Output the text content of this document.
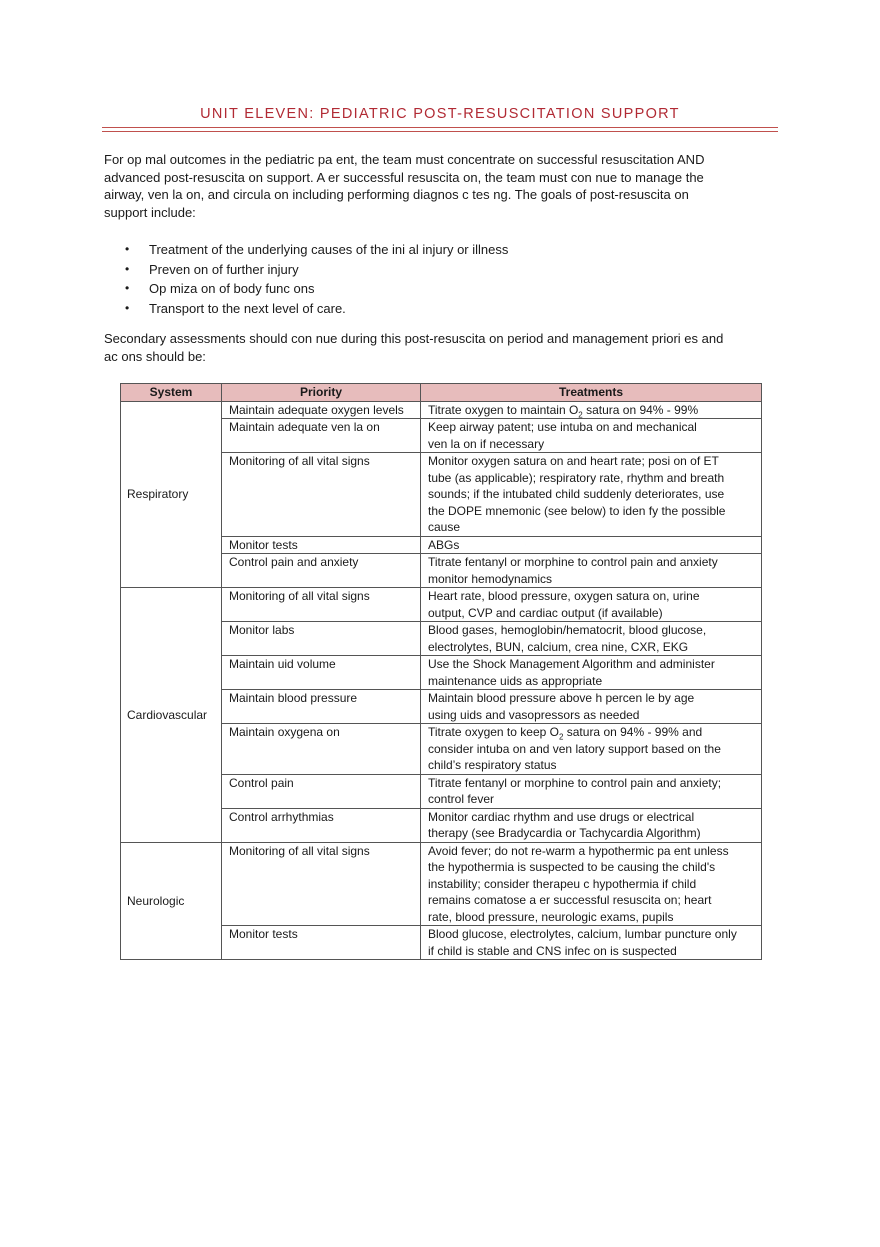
UNIT ELEVEN: PEDIATRIC POST-RESUSCITATION SUPPORT

For op mal outcomes in the pediatric pa ent, the team must concentrate on successful resuscitation AND
advanced post-resuscita on support. A er successful resuscita on, the team must con nue to manage the
airway, ven la on, and circula on including performing diagnos c tes ng. The goals of post-resuscita on
support include:

• Treatment of the underlying causes of the ini al injury or illness
• Preven on of further injury
• Op miza on of body func ons
• Transport to the next level of care.

Secondary assessments should con nue during this post-resuscita on period and management priori es and
ac ons should be:

System	Priority	Treatments
Respiratory	Maintain adequate oxygen levels	Titrate oxygen to maintain $O_2$ satura on 94% - 99%
	Maintain adequate ven la on	Keep airway patent; use intuba on and mechanical
ven la on if necessary

	Monitoring of all vital signs	Monitor oxygen satura on and heart rate; posi on of ET
tube (as applicable); respiratory rate, rhythm and breath
sounds; if the intubated child suddenly deteriorates, use
the DOPE mnemonic (see below) to iden fy the possible
cause

	Monitor tests	ABGs

	Control pain and anxiety	Titrate fentanyl or morphine to control pain and anxiety
monitor hemodynamics

Cardiovascular	Monitoring of all vital signs	Heart rate, blood pressure, oxygen satura on, urine
output, CVP and cardiac output (if available)

	Monitor labs	Blood gases, hemoglobin/hematocrit, blood glucose,
electrolytes, BUN, calcium, crea nine, CXR, EKG

	Maintain uid volume	Use the Shock Management Algorithm and administer
maintenance uids as appropriate

	Maintain blood pressure	Maintain blood pressure above h percen le by age
using uids and vasopressors as needed

	Maintain oxygena on	Titrate oxygen to keep $O_2$ satura on 94% - 99% and
consider intuba on and ven latory support based on the
child’s respiratory status

	Control pain	Titrate fentanyl or morphine to control pain and anxiety;
control fever

	Control arrhythmias	Monitor cardiac rhythm and use drugs or electrical
therapy (see Bradycardia or Tachycardia Algorithm)

Neurologic	Monitoring of all vital signs	Avoid fever; do not re-warm a hypothermic pa ent unless
the hypothermia is suspected to be causing the child's
instability; consider therapeu c hypothermia if child
remains comatose a er successful resuscita on; heart
rate, blood pressure, neurologic exams, pupils

	Monitor tests	Blood glucose, electrolytes, calcium, lumbar puncture only
if child is stable and CNS infec on is suspected
